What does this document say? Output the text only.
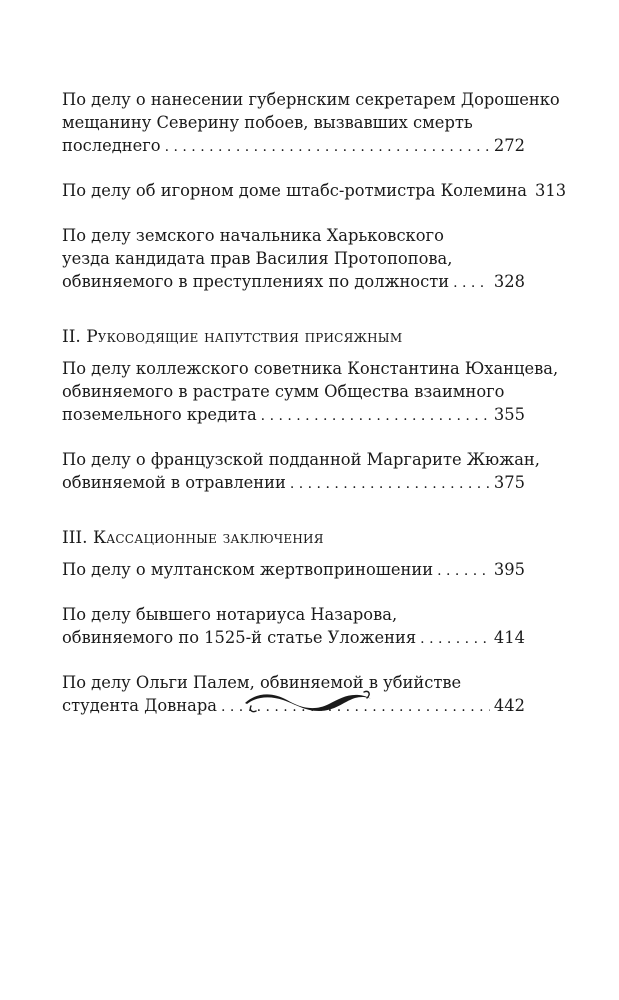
По делу о нанесении губернским секретарем Дорошенко
мещанину Северину побоев, вызвавших смерть
последнего . . .	272
По делу об игорном доме штабс-ротмистра Колемина 313
По делу земского начальника Харьковского
уезда кандидата прав Василия Протопопова,
обвиняемого в преступлениях по должности . . .	328
II. Руководящие напутствия присяжным
По делу коллежского советника Константина Юханцева,
обвиняемого в растрате сумм Общества взаимного
поземельного кредита . . .	355
По делу о французской подданной Маргарите Жюжан,
обвиняемой в отравлении . . .	375
III. Кассационные заключения
По делу о мултанском жертвоприношении . . .	395
По делу бывшего нотариуса Назарова,
обвиняемого по 1525-й статье Уложения . . .	414
По делу Ольги Палем, обвиняемой в убийстве
студента Довнара . . .	442
